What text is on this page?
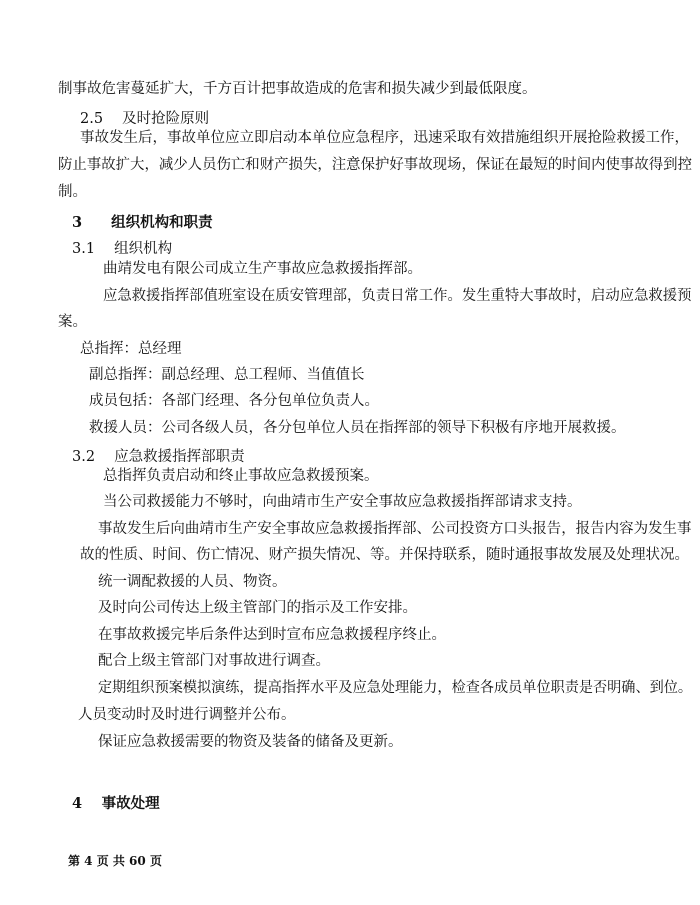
制事故危害蔓延扩大，千方百计把事故造成的危害和损失减少到最低限度。
2.5　 及时抢险原则
事故发生后，事故单位应立即启动本单位应急程序，迅速采取有效措施组织开展抢险救援工作，
防止事故扩大，减少人员伤亡和财产损失，注意保护好事故现场，保证在最短的时间内使事故得到控
制。
3　　组织机构和职责
3.1　 组织机构
曲靖发电有限公司成立生产事故应急救援指挥部。
应急救援指挥部值班室设在质安管理部，负责日常工作。发生重特大事故时，启动应急救援预
案。
总指挥：总经理
副总指挥：副总经理、总工程师、当值值长
成员包括：各部门经理、各分包单位负责人。
救援人员：公司各级人员，各分包单位人员在指挥部的领导下积极有序地开展救援。
3.2　 应急救援指挥部职责
总指挥负责启动和终止事故应急救援预案。
当公司救援能力不够时，向曲靖市生产安全事故应急救援指挥部请求支持。
事故发生后向曲靖市生产安全事故应急救援指挥部、公司投资方口头报告，报告内容为发生事
故的性质、时间、伤亡情况、财产损失情况、等。并保持联系，随时通报事故发展及处理状况。
统一调配救援的人员、物资。
及时向公司传达上级主管部门的指示及工作安排。
在事故救援完毕后条件达到时宣布应急救援程序终止。
配合上级主管部门对事故进行调查。
定期组织预案模拟演练，提高指挥水平及应急处理能力，检查各成员单位职责是否明确、到位。
人员变动时及时进行调整并公布。
保证应急救援需要的物资及装备的储备及更新。
4　 事故处理
第 4 页 共 60 页
